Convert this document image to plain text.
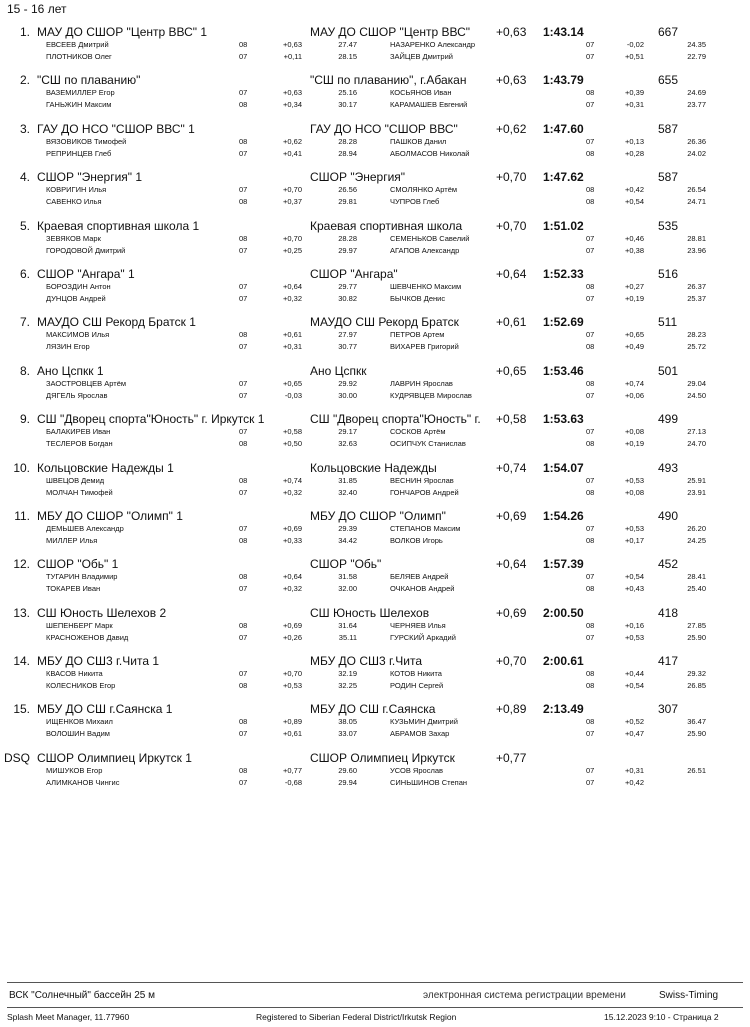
15 - 16 лет
1. МАУ ДО СШОР "Центр ВВС" 1	МАУ ДО СШОР "Центр ВВС" +0,63 1:43.14	667
ЕВСЕЕВ Дмитрий	08	+0,63	27.47
ПЛОТНИКОВ Олег	07	+0,11	28.15
НАЗАРЕНКО Александр	07	-0,02	24.35
ЗАЙЦЕВ Дмитрий	07	+0,51	22.79
2. "СШ по плаванию"	"СШ по плаванию", г.Абакан +0,63 1:43.79	655
ВАЗЕМИЛЛЕР Егор	07	+0,63	25.16
ГАНЬЖИН Максим	08	+0,34	30.17
КОСЬЯНОВ Иван	08	+0,39	24.69
КАРАМАШЕВ Евгений	07	+0,31	23.77
3. ГАУ ДО НСО "СШОР ВВС" 1	ГАУ ДО НСО "СШОР ВВС"	+0,62 1:47.60	587
ВЯЗОВИКОВ Тимофей	08	+0,62	28.28
РЕПРИНЦЕВ Глеб	07	+0,41	28.94
ПАШКОВ Данил	07	+0,13	26.36
АБОЛМАСОВ Николай	08	+0,28	24.02
4. СШОР "Энергия" 1	СШОР "Энергия"	+0,70 1:47.62	587
КОВРИГИН Илья	07	+0,70	26.56
САВЕНКО Илья	08	+0,37	29.81
СМОЛЯНКО Артём	08	+0,42	26.54
ЧУПРОВ Глеб	08	+0,54	24.71
5. Краевая спортивная школа 1	Краевая спортивная школа	+0,70 1:51.02	535
ЗЕВЯКОВ Марк	08	+0,70	28.28
ГОРОДОВОЙ Дмитрий	07	+0,25	29.97
СЕМЕНЬКОВ Савелий	07	+0,46	28.81
АГАПОВ Александр	07	+0,38	23.96
6. СШОР "Ангара" 1	СШОР "Ангара"	+0,64 1:52.33	516
БОРОЗДИН Антон	07	+0,64	29.77
ДУНЦОВ Андрей	07	+0,32	30.82
ШЕВЧЕНКО Максим	08	+0,27	26.37
БЫЧКОВ Денис	07	+0,19	25.37
7. МАУДО СШ Рекорд Братск 1	МАУДО СШ Рекорд Братск	+0,61 1:52.69	511
МАКСИМОВ Илья	08	+0,61	27.97
ЛЯЗИН Егор	07	+0,31	30.77
ПЕТРОВ Артем	07	+0,65	28.23
ВИХАРЕВ Григорий	08	+0,49	25.72
8. Ано Цспкк 1	Ано Цспкк	+0,65 1:53.46	501
ЗАОСТРОВЦЕВ Артём	07	+0,65	29.92
ДЯГЕЛЬ Ярослав	07	-0,03	30.00
ЛАВРИН Ярослав	08	+0,74	29.04
КУДРЯВЦЕВ Мирослав	07	+0,06	24.50
9. СШ "Дворец спорта"Юность" г. Иркутск 1	СШ "Дворец спорта"Юность" г. +0,58 1:53.63	499
БАЛАКИРЕВ Иван	07	+0,58	29.17
ТЕСЛЕРОВ Богдан	08	+0,50	32.63
СОСКОВ Артём	07	+0,08	27.13
ОСИПЧУК Станислав	08	+0,19	24.70
10. Кольцовские Надежды 1	Кольцовские Надежды	+0,74 1:54.07	493
ШВЕЦОВ Демид	08	+0,74	31.85
МОЛЧАН Тимофей	07	+0,32	32.40
ВЕСНИН Ярослав	07	+0,53	25.91
ГОНЧАРОВ Андрей	08	+0,08	23.91
11. МБУ ДО СШОР "Олимп" 1	МБУ ДО СШОР "Олимп"	+0,69 1:54.26	490
ДЕМЬШЕВ Александр	07	+0,69	29.39
МИЛЛЕР Илья	08	+0,33	34.42
СТЕПАНОВ Максим	07	+0,53	26.20
ВОЛКОВ Игорь	08	+0,17	24.25
12. СШОР "Обь" 1	СШОР "Обь"	+0,64 1:57.39	452
ТУГАРИН Владимир	08	+0,64	31.58
ТОКАРЕВ Иван	07	+0,32	32.00
БЕЛЯЕВ Андрей	07	+0,54	28.41
ОЧКАНОВ Андрей	08	+0,43	25.40
13. СШ Юность Шелехов 2	СШ Юность Шелехов	+0,69 2:00.50	418
ШЕПЕНБЕРГ Марк	08	+0,69	31.64
КРАСНОЖЕНОВ Давид	07	+0,26	35.11
ЧЕРНЯЕВ Илья	08	+0,16	27.85
ГУРСКИЙ Аркадий	07	+0,53	25.90
14. МБУ ДО СШ3 г.Чита 1	МБУ ДО СШ3 г.Чита	+0,70 2:00.61	417
КВАСОВ Никита	07	+0,70	32.19
КОЛЕСНИКОВ Егор	08	+0,53	32.25
КОТОВ Никита	08	+0,44	29.32
РОДИН Сергей	08	+0,54	26.85
15. МБУ ДО СШ г.Саянска 1	МБУ ДО СШ г.Саянска	+0,89 2:13.49	307
ИЩЕНКОВ Михаил	08	+0,89	38.05
ВОЛОШИН Вадим	07	+0,61	33.07
КУЗЬМИН Дмитрий	08	+0,52	36.47
АБРАМОВ Захар	07	+0,47	25.90
DSQ СШОР Олимпиец Иркутск 1	СШОР Олимпиец Иркутск	+0,77
МИШУКОВ Егор	08	+0,77	29.60
АЛИМКАНОВ Чингис	07	-0,68	29.94
УСОВ Ярослав	07	+0,31	26.51
СИНЬШИНОВ Степан	07	+0,42
ВСК "Солнечный" бассейн 25 м	электронная система регистрации времени	Swiss-Timing
Splash Meet Manager, 11.77960	Registered to Siberian Federal District/Irkutsk Region	15.12.2023 9:10 - Страница 2
